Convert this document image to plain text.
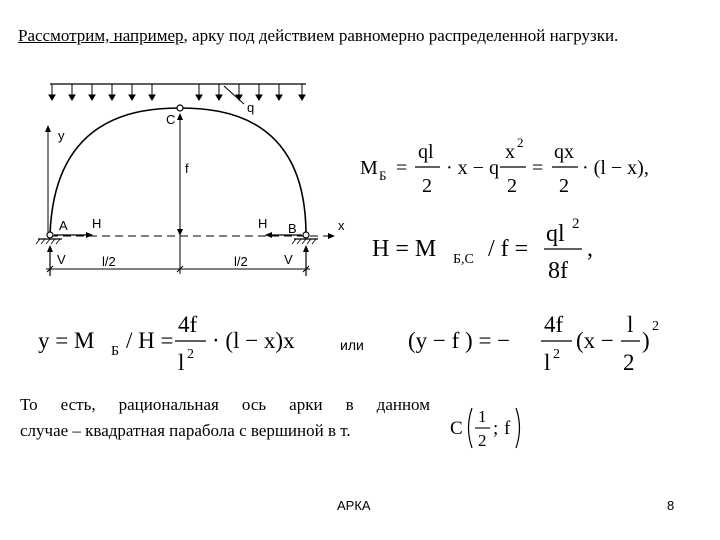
Рассмотрим, например, арку под действием равномерно распределенной нагрузки.
q
C
f
y
x
A	B
H	H
V	V
l/2	l/2
M Б =
ql
2
· x − q
x 2
2
=
qx
2
· (l − x),
H = M Б,С / f =
ql 2
8f
,
y = M Б / H =
4f
l 2
· (l − x)x	или (y − f ) = −
4f
l 2
(x −
l
2
)
2
То есть, рациональная ось арки в данном
случае – квадратная парабола с вершиной в т.	C
1
2
; f
АРКА	8
